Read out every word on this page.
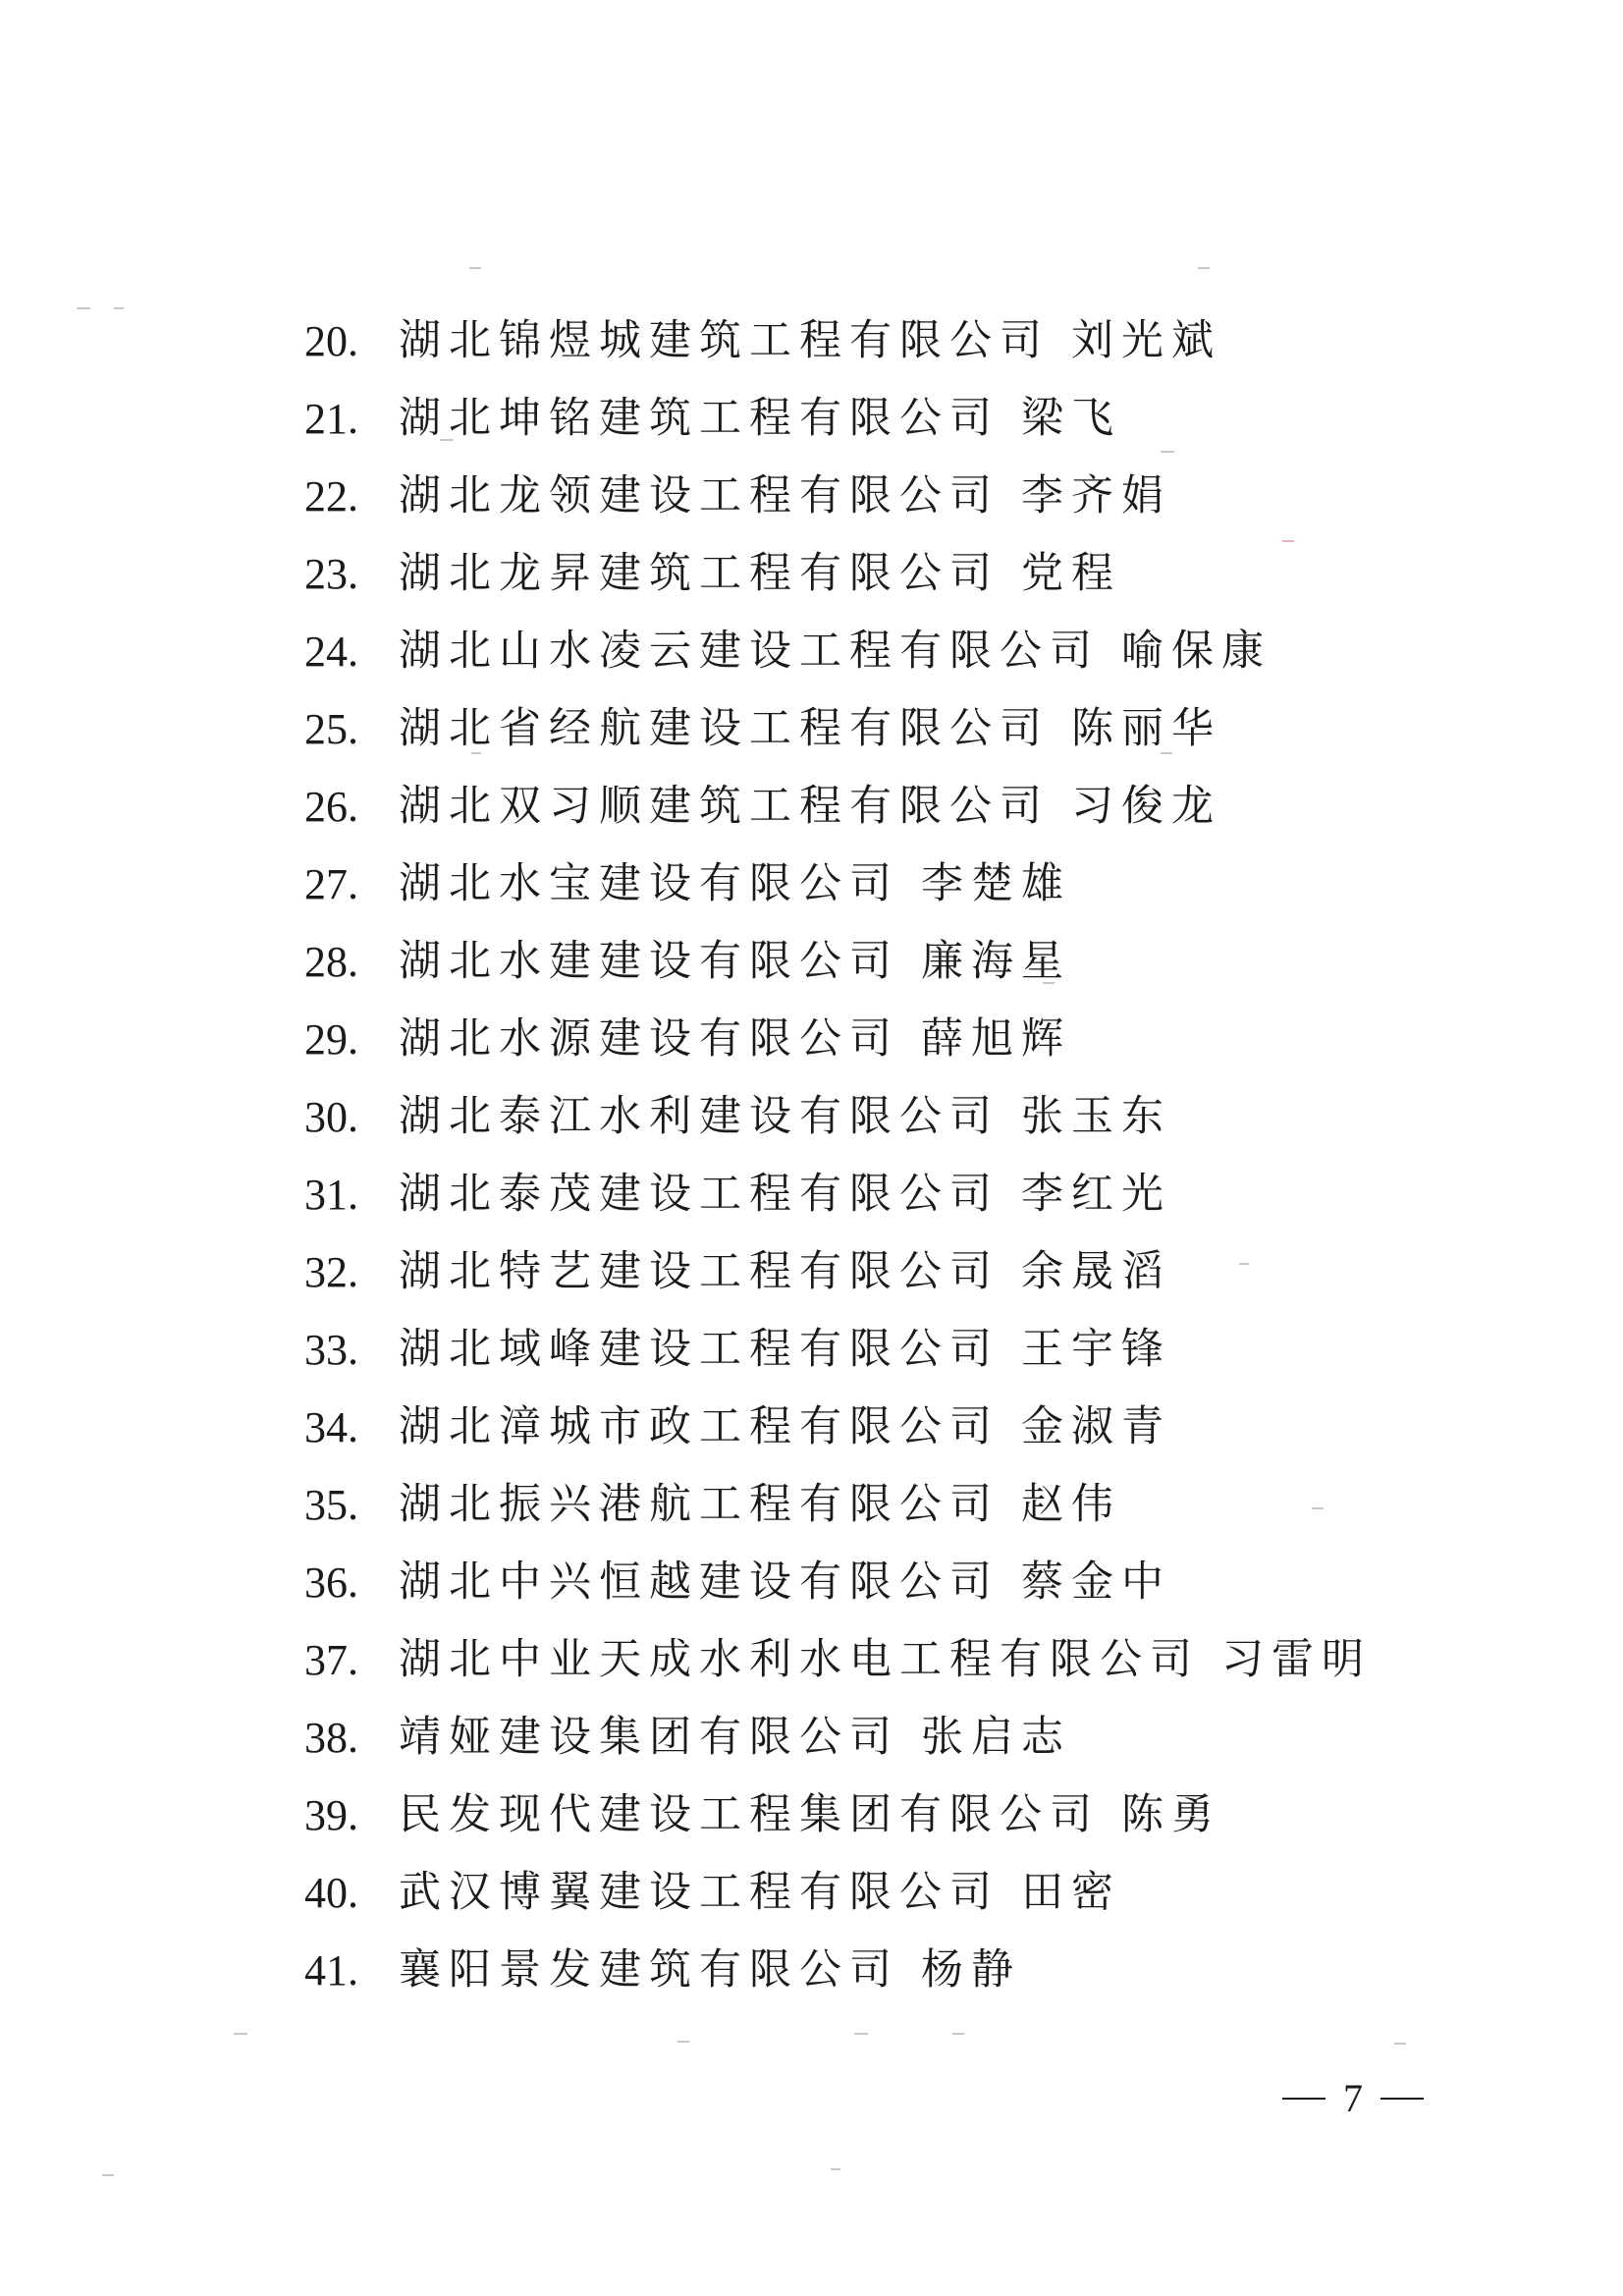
20. 湖北锦煜城建筑工程有限公司 刘光斌
21. 湖北坤铭建筑工程有限公司 梁飞
22. 湖北龙领建设工程有限公司 李齐娟
23. 湖北龙昇建筑工程有限公司 党程
24. 湖北山水凌云建设工程有限公司 喻保康
25. 湖北省经航建设工程有限公司 陈丽华
26. 湖北双习顺建筑工程有限公司 习俊龙
27. 湖北水宝建设有限公司 李楚雄
28. 湖北水建建设有限公司 廉海星
29. 湖北水源建设有限公司 薛旭辉
30. 湖北泰江水利建设有限公司 张玉东
31. 湖北泰茂建设工程有限公司 李红光
32. 湖北特艺建设工程有限公司 余晟滔
33. 湖北域峰建设工程有限公司 王宇锋
34. 湖北漳城市政工程有限公司 金淑青
35. 湖北振兴港航工程有限公司 赵伟
36. 湖北中兴恒越建设有限公司 蔡金中
37. 湖北中业天成水利水电工程有限公司 习雷明
38. 靖娅建设集团有限公司 张启志
39. 民发现代建设工程集团有限公司 陈勇
40. 武汉博翼建设工程有限公司 田密
41. 襄阳景发建筑有限公司 杨静
7
